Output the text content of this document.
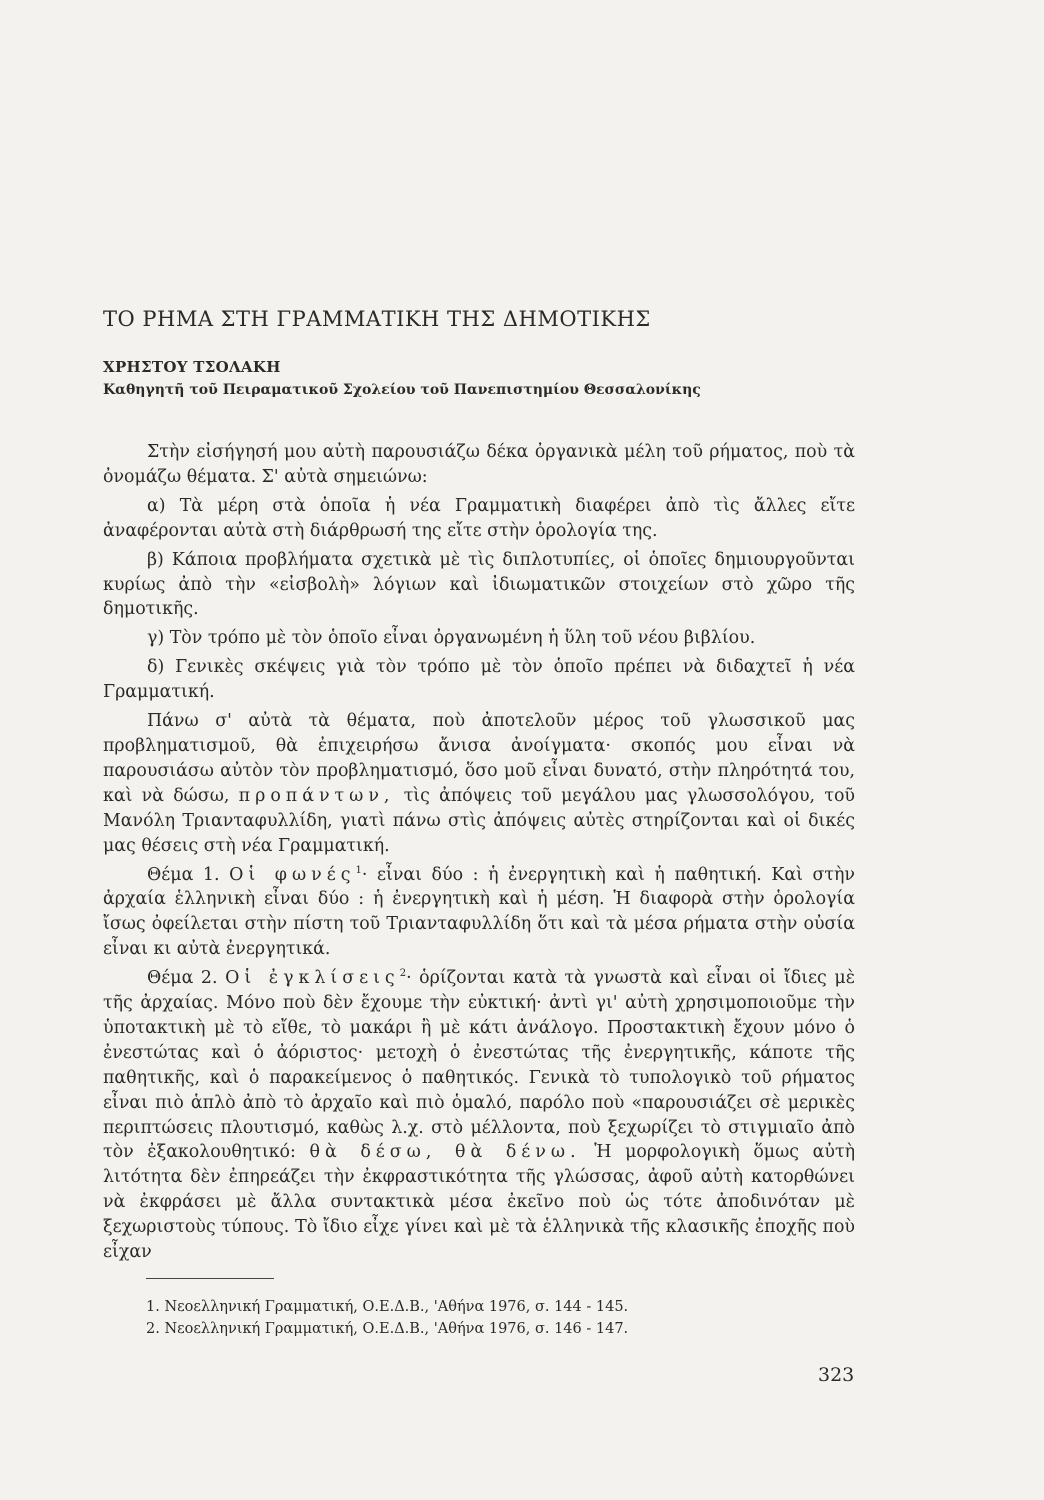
ΤΟ ΡΗΜΑ ΣΤΗ ΓΡΑΜΜΑΤΙΚΗ ΤΗΣ ΔΗΜΟΤΙΚΗΣ
ΧΡΗΣΤΟΥ ΤΣΟΛΑΚΗ
Καθηγητῆ τοῦ Πειραματικοῦ Σχολείου τοῦ Πανεπιστημίου Θεσσαλονίκης

Στὴν εἰσήγησή μου αὐτὴ παρουσιάζω δέκα ὀργανικὰ μέλη τοῦ ρήματος, ποὺ τὰ ὀνομάζω θέματα. Σ' αὐτὰ σημειώνω:

α) Τὰ μέρη στὰ ὁποῖα ἡ νέα Γραμματικὴ διαφέρει ἀπὸ τὶς ἄλλες εἴτε ἀναφέρονται αὐτὰ στὴ διάρθρωσή της εἴτε στὴν ὁρολογία της.

β) Κάποια προβλήματα σχετικὰ μὲ τὶς διπλοτυπίες, οἱ ὁποῖες δημιουργοῦνται κυρίως ἀπὸ τὴν «εἰσβολὴ» λόγιων καὶ ἰδιωματικῶν στοιχείων στὸ χῶρο τῆς δημοτικῆς.

γ) Τὸν τρόπο μὲ τὸν ὁποῖο εἶναι ὀργανωμένη ἡ ὕλη τοῦ νέου βιβλίου.

δ) Γενικὲς σκέψεις γιὰ τὸν τρόπο μὲ τὸν ὁποῖο πρέπει νὰ διδαχτεῖ ἡ νέα Γραμματική.

Πάνω σ' αὐτὰ τὰ θέματα, ποὺ ἀποτελοῦν μέρος τοῦ γλωσσικοῦ μας προβληματισμοῦ, θὰ ἐπιχειρήσω ἄνισα ἀνοίγματα· σκοπός μου εἶναι νὰ παρουσιάσω αὐτὸν τὸν προβληματισμό, ὅσο μοῦ εἶναι δυνατό, στὴν πληρότητά του, καὶ νὰ δώσω, προπάντων, τὶς ἀπόψεις τοῦ μεγάλου μας γλωσσολόγου, τοῦ Μανόλη Τριανταφυλλίδη, γιατὶ πάνω στὶς ἀπόψεις αὐτὲς στηρίζονται καὶ οἱ δικές μας θέσεις στὴ νέα Γραμματική.

Θέμα 1. Οἱ φωνές$^1$· εἶναι δύο : ἡ ἐνεργητικὴ καὶ ἡ παθητική. Καὶ στὴν ἀρχαία ἑλληνικὴ εἶναι δύο : ἡ ἐνεργητικὴ καὶ ἡ μέση. Ἡ διαφορὰ στὴν ὁρολογία ἴσως ὀφείλεται στὴν πίστη τοῦ Τριανταφυλλίδη ὅτι καὶ τὰ μέσα ρήματα στὴν οὐσία εἶναι κι αὐτὰ ἐνεργητικά.

Θέμα 2. Οἱ ἐγκλίσεις$^2$· ὁρίζονται κατὰ τὰ γνωστὰ καὶ εἶναι οἱ ἴδιες μὲ τῆς ἀρχαίας. Μόνο ποὺ δὲν ἔχουμε τὴν εὐκτική· ἀντὶ γι' αὐτὴ χρησιμοποιοῦμε τὴν ὑποτακτικὴ μὲ τὸ εἴθε, τὸ μακάρι ἢ μὲ κάτι ἀνάλογο. Προστακτικὴ ἔχουν μόνο ὁ ἐνεστώτας καὶ ὁ ἀόριστος· μετοχὴ ὁ ἐνεστώτας τῆς ἐνεργητικῆς, κάποτε τῆς παθητικῆς, καὶ ὁ παρακείμενος ὁ παθητικός. Γενικὰ τὸ τυπολογικὸ τοῦ ρήματος εἶναι πιὸ ἁπλὸ ἀπὸ τὸ ἀρχαῖο καὶ πιὸ ὁμαλό, παρόλο ποὺ «παρουσιάζει σὲ μερικὲς περιπτώσεις πλουτισμό, καθὼς λ.χ. στὸ μέλλοντα, ποὺ ξεχωρίζει τὸ στιγμιαῖο ἀπὸ τὸν ἐξακολουθητικό: θὰ δέσω, θὰ δένω. Ἡ μορφολογικὴ ὅμως αὐτὴ λιτότητα δὲν ἐπηρεάζει τὴν ἐκφραστικότητα τῆς γλώσσας, ἀφοῦ αὐτὴ κατορθώνει νὰ ἐκφράσει μὲ ἄλλα συντακτικὰ μέσα ἐκεῖνο ποὺ ὡς τότε ἀποδινόταν μὲ ξεχωριστοὺς τύπους. Τὸ ἴδιο εἶχε γίνει καὶ μὲ τὰ ἑλληνικὰ τῆς κλασικῆς ἐποχῆς ποὺ εἶχαν

1. Νεοελληνική Γραμματική, Ο.Ε.Δ.Β., 'Αθήνα 1976, σ. 144 - 145.
2. Νεοελληνική Γραμματική, Ο.Ε.Δ.Β., 'Αθήνα 1976, σ. 146 - 147.
323
